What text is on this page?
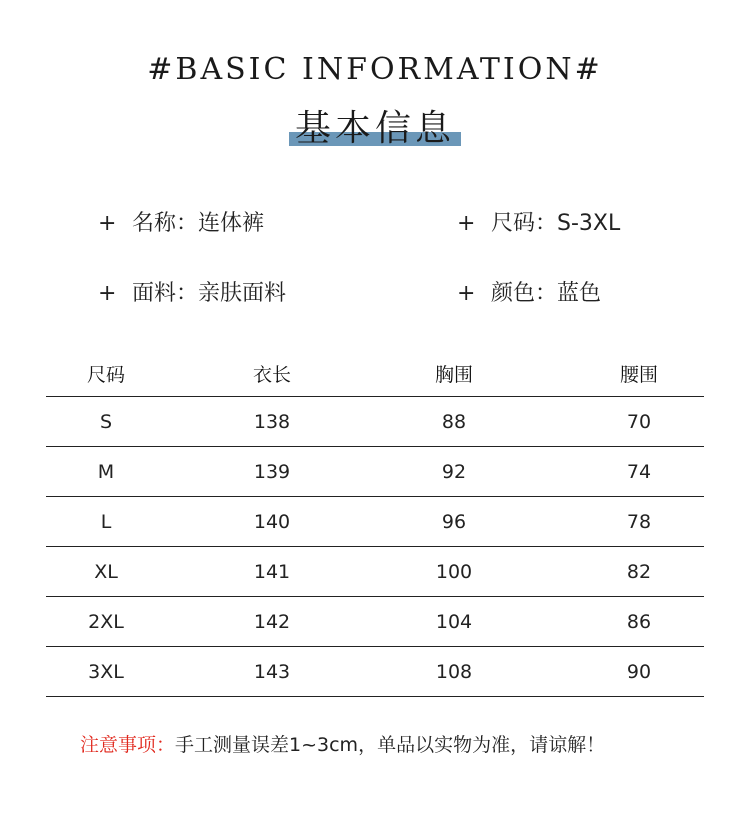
#BASIC INFORMATION#
基本信息
+ 名称：连体裤	+ 尺码：S-3XL
+ 面料：亲肤面料	+ 颜色：蓝色
尺码	衣长	胸围	腰围
S	138	88	70
M	139	92	74
L	140	96	78
XL	141	100	82
2XL	142	104	86
3XL	143	108	90
注意事项：手工测量误差1~3cm，单品以实物为准，请谅解！
